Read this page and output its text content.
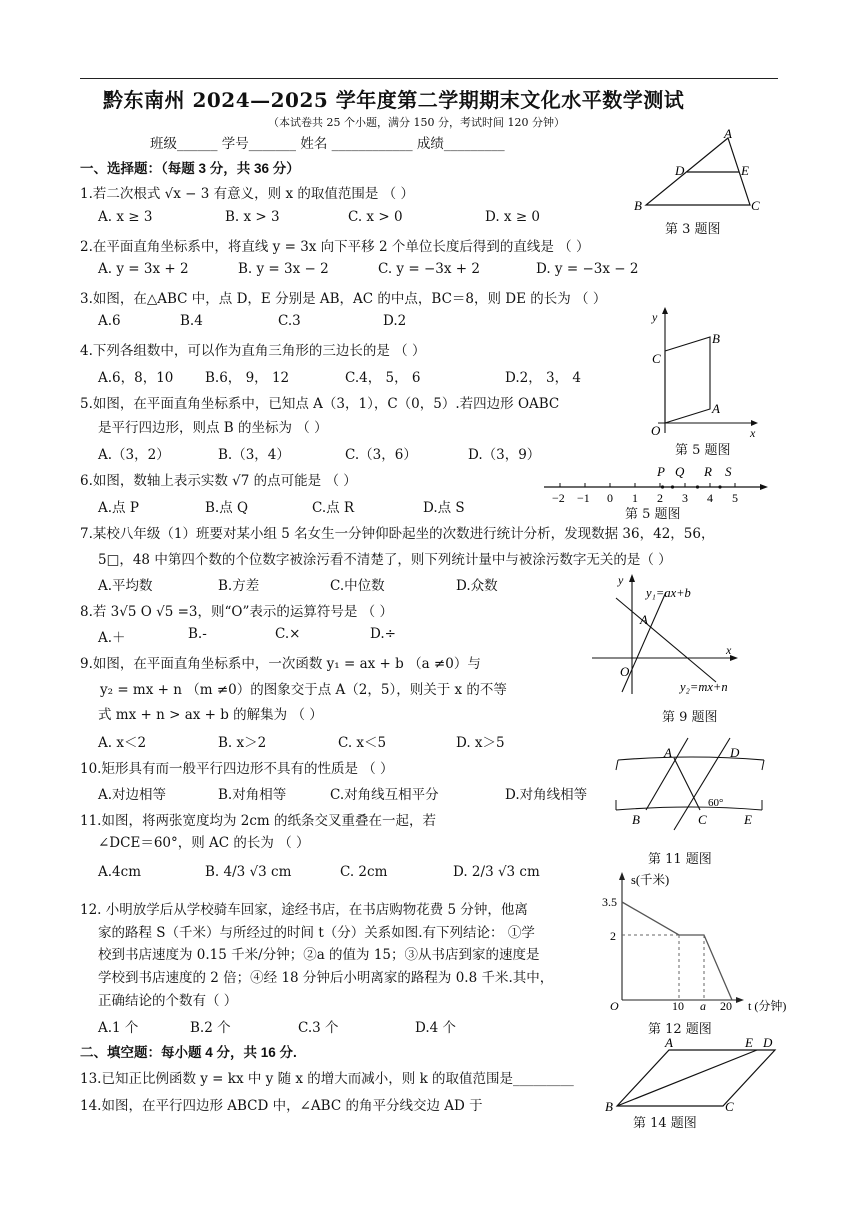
黔东南州 2024—2025 学年度第二学期期末文化水平数学测试
（本试卷共 25 个小题，满分 150 分，考试时间 120 分钟）
班级______ 学号_______ 姓名 ____________ 成绩_________
一、选择题：（每题 3 分，共 36 分）
1.若二次根式 √x − 3 有意义，则 x 的取值范围是 （ ）
A. x ≥ 3	B. x > 3	C. x > 0	D. x ≥ 0
2.在平面直角坐标系中，将直线 y = 3x 向下平移 2 个单位长度后得到的直线是 （ ）
A. y = 3x + 2	B. y = 3x − 2	C. y = −3x + 2	D. y = −3x − 2
3.如图，在△ABC 中，点 D，E 分别是 AB，AC 的中点，BC＝8，则 DE 的长为 （ ）
A.6	B.4	C.3	D.2
4.下列各组数中，可以作为直角三角形的三边长的是 （ ）
A.6，8，10 B.6， 9， 12	C.4， 5， 6	D.2， 3， 4
5.如图，在平面直角坐标系中，已知点 A（3，1），C（0，5）.若四边形 OABC
是平行四边形，则点 B 的坐标为 （ ）
A.（3，2）	B.（3，4）	C.（3，6）	D.（3，9）
6.如图，数轴上表示实数 √7 的点可能是 （ ）
A.点 P	B.点 Q	C.点 R	D.点 S
7.某校八年级（1）班要对某小组 5 名女生一分钟仰卧起坐的次数进行统计分析，发现数据 36，42，56，
5□，48 中第四个数的个位数字被涂污看不清楚了，则下列统计量中与被涂污数字无关的是（ ）
A.平均数	B.方差	C.中位数	D.众数
8.若 3√5 O √5 =3，则“O”表示的运算符号是 （ ）
A.＋	B.-	C.×	D.÷
9.如图，在平面直角坐标系中，一次函数 y₁ = ax + b （a ≠0）与
y₂ = mx + n （m ≠0）的图象交于点 A（2，5），则关于 x 的不等
式 mx + n > ax + b 的解集为 （ ）
A. x＜2	B. x＞2	C. x＜5	D. x＞5
10.矩形具有而一般平行四边形不具有的性质是 （ ）
A.对边相等	B.对角相等	C.对角线互相平分	D.对角线相等
11.如图，将两张宽度均为 2cm 的纸条交叉重叠在一起，若
∠DCE＝60°，则 AC 的长为 （ ）
A.4cm	B. 4/3 √3 cm	C. 2cm	D. 2/3 √3 cm
12. 小明放学后从学校骑车回家，途经书店，在书店购物花费 5 分钟，他离
家的路程 S（千米）与所经过的时间 t（分）关系如图.有下列结论： ①学
校到书店速度为 0.15 千米/分钟；②a 的值为 15；③从书店到家的速度是
学校到书店速度的 2 倍；④经 18 分钟后小明离家的路程为 0.8 千米.其中，
正确结论的个数有（ ）
A.1 个	B.2 个	C.3 个	D.4 个
二、填空题：每小题 4 分，共 16 分.
13.已知正比例函数 y = kx 中 y 随 x 的增大而减小，则 k 的取值范围是_________
14.如图，在平行四边形 ABCD 中，∠ABC 的角平分线交边 AD 于
A
D	E
B	C
第 3 题图
y
C
B
A
O	x
第 5 题图
−2 −1 0 1 2 3 4 5
P Q R S
第 5 题图
y
y₁=ax+b
A
O
x
y₂=mx+n
第 9 题图
A	D
B	C	E
60°
第 11 题图
s(千米)
3.5
2
O	10 a 20 t (分钟)
第 12 题图
A	E D
B	C
第 14 题图
